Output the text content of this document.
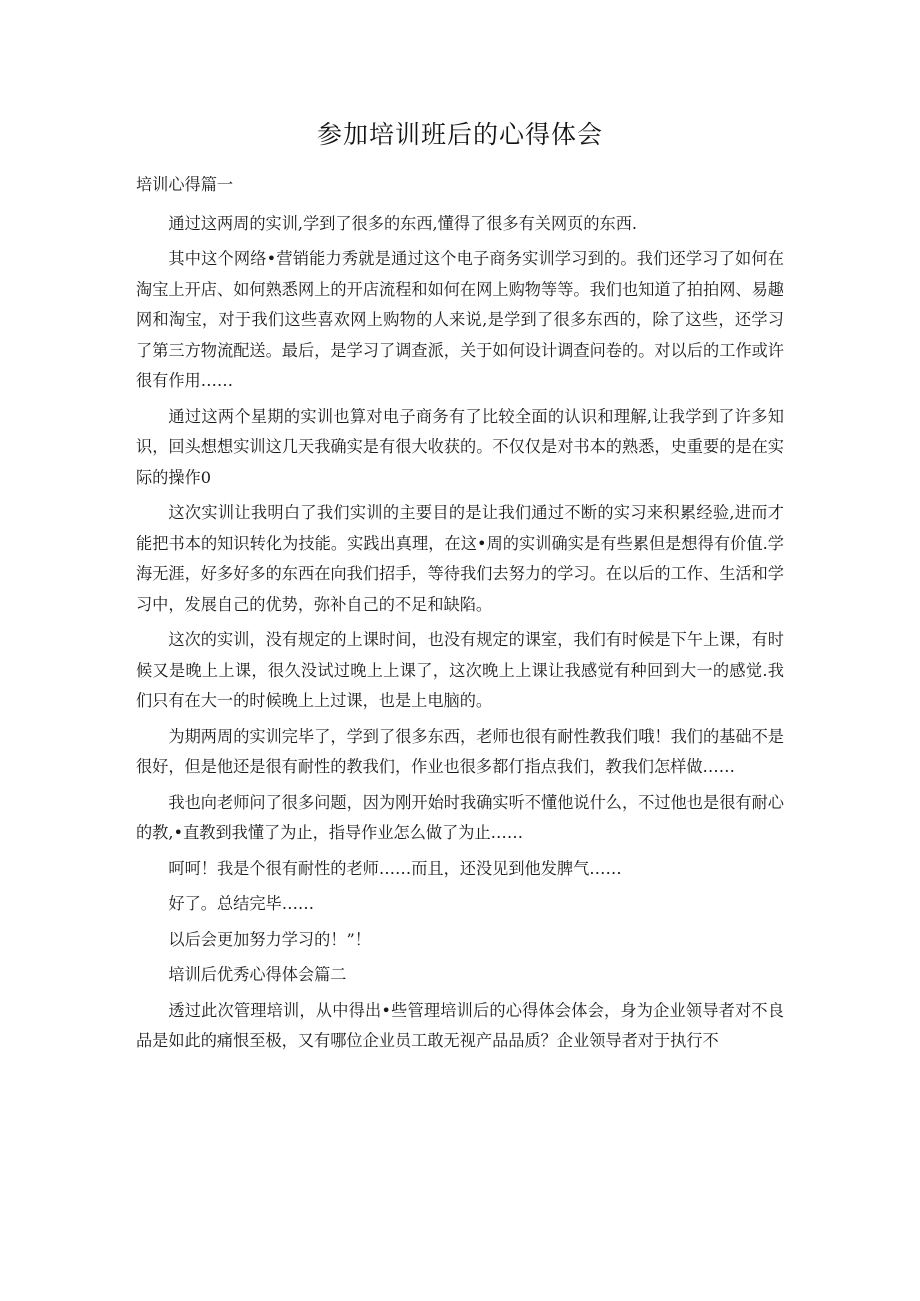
参加培训班后的心得体会

培训心得篇一

通过这两周的实训,学到了很多的东西,懂得了很多有关网页的东西.

其中这个网络•营销能力秀就是通过这个电子商务实训学习到的。我们还学习了如何在淘宝上开店、如何熟悉网上的开店流程和如何在网上购物等等。我们也知道了拍拍网、易趣网和淘宝，对于我们这些喜欢网上购物的人来说,是学到了很多东西的，除了这些，还学习了第三方物流配送。最后，是学习了调查派，关于如何设计调查问卷的。对以后的工作或许很有作用……

通过这两个星期的实训也算对电子商务有了比较全面的认识和理解,让我学到了许多知识，回头想想实训这几天我确实是有很大收获的。不仅仅是对书本的熟悉，史重要的是在实际的操作0

这次实训让我明白了我们实训的主要目的是让我们通过不断的实习来积累经验,进而才能把书本的知识转化为技能。实践出真理，在这•周的实训确实是有些累但是想得有价值.学海无涯，好多好多的东西在向我们招手，等待我们去努力的学习。在以后的工作、生活和学习中，发展自己的优势，弥补自己的不足和缺陷。

这次的实训，没有规定的上课时间，也没有规定的课室，我们有时候是下午上课，有时候又是晚上上课，很久没试过晚上上课了，这次晚上上课让我感觉有种回到大一的感觉.我们只有在大一的时候晚上上过课，也是上电脑的。

为期两周的实训完毕了，学到了很多东西，老师也很有耐性教我们哦！我们的基础不是很好，但是他还是很有耐性的教我们，作业也很多都仃指点我们，教我们怎样做……

我也向老师问了很多问题，因为刚开始时我确实听不懂他说什么，不过他也是很有耐心的教,•直教到我懂了为止，指导作业怎么做了为止……

呵呵！我是个很有耐性的老师……而且，还没见到他发脾气……

好了。总结完毕……

以后会更加努力学习的！”！

培训后优秀心得体会篇二

透过此次管理培训，从中得出•些管理培训后的心得体会体会，身为企业领导者对不良品是如此的痛恨至极，又有哪位企业员工敢无视产品品质？企业领导者对于执行不
